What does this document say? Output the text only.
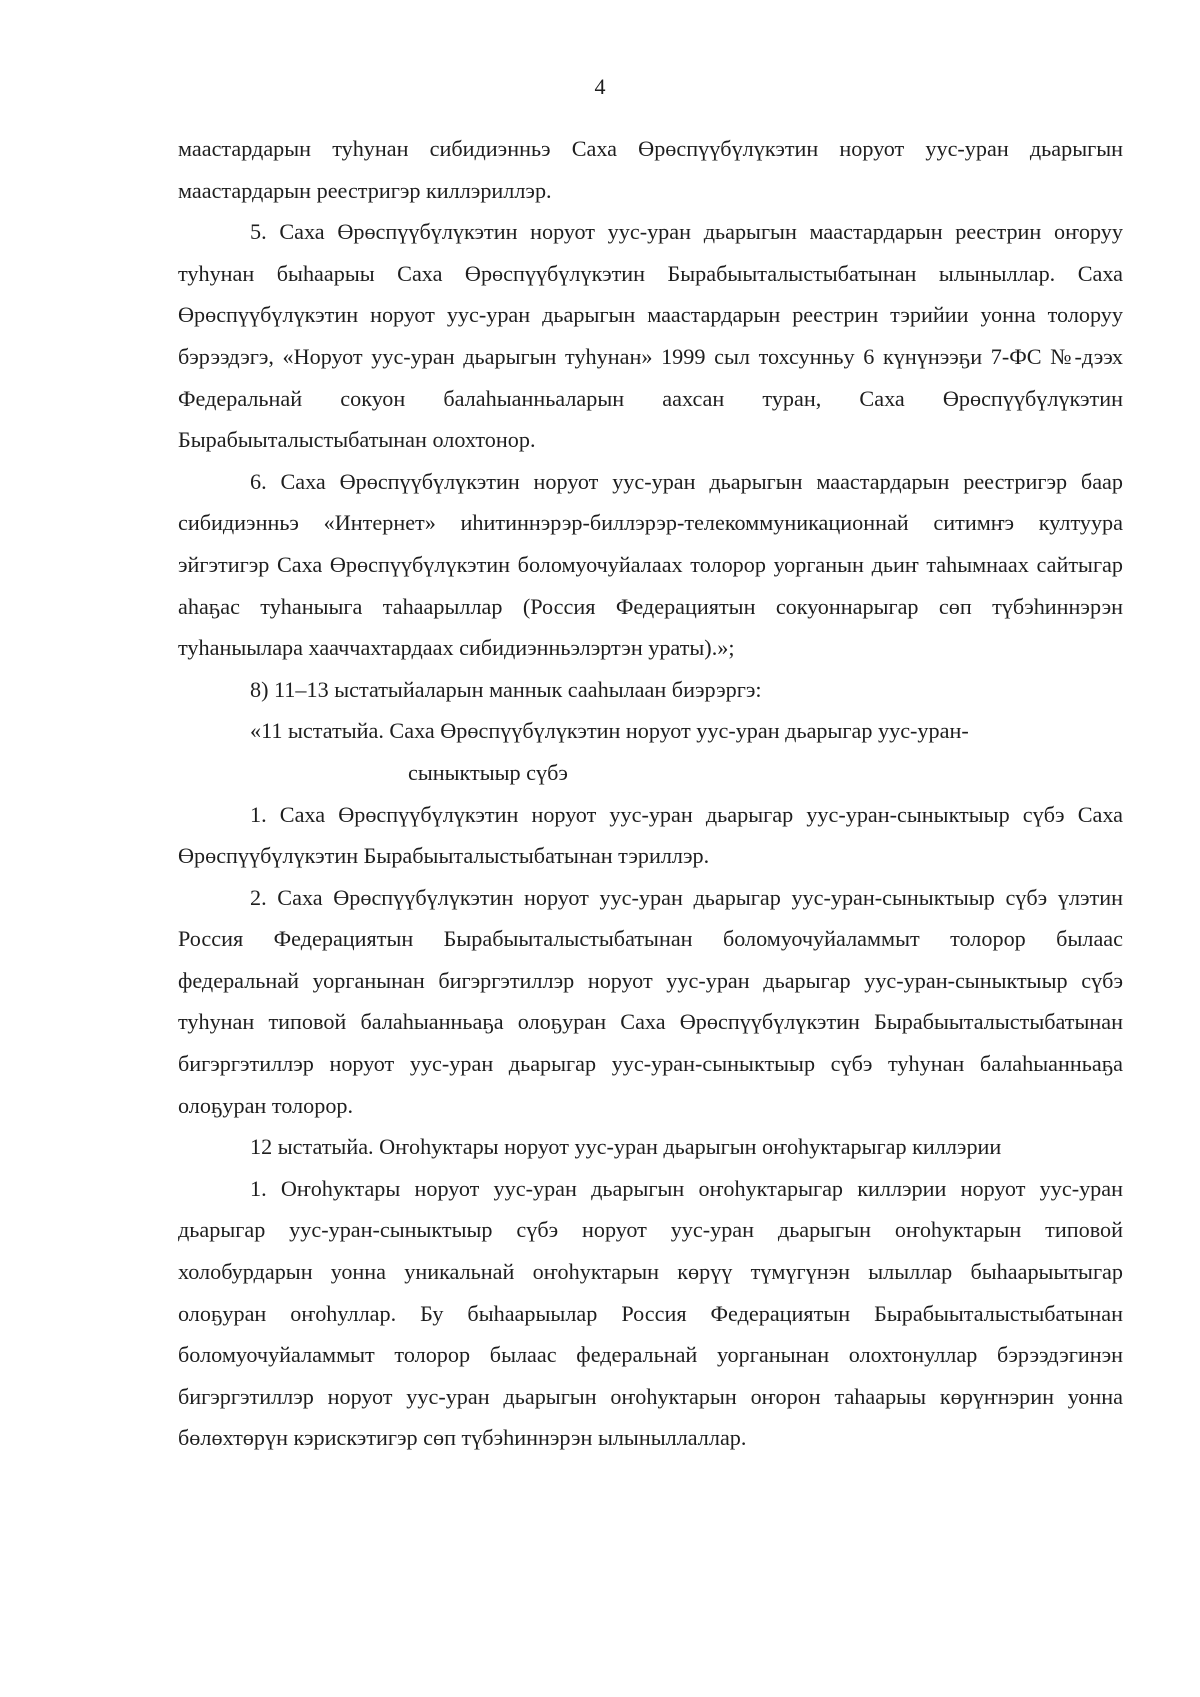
4

маастардарын туһунан сибидиэнньэ Саха Өрөспүүбүлүкэтин норуот уус-уран дьарыгын маастардарын реестригэр киллэриллэр.

5. Саха Өрөспүүбүлүкэтин норуот уус-уран дьарыгын маастардарын реестрин оҥоруу туһунан быһаарыы Саха Өрөспүүбүлүкэтин Бырабыыталыстыбатынан ылыныллар. Саха Өрөспүүбүлүкэтин норуот уус-уран дьарыгын маастардарын реестрин тэрийии уонна толоруу бэрээдэгэ, «Норуот уус-уран дьарыгын туһунан» 1999 сыл тохсунньу 6 күнүнээҕи 7-ФС №-дээх Федеральнай сокуон балаһыанньаларын аахсан туран, Саха Өрөспүүбүлүкэтин Бырабыыталыстыбатынан олохтонор.

6. Саха Өрөспүүбүлүкэтин норуот уус-уран дьарыгын маастардарын реестригэр баар сибидиэнньэ «Интернет» иһитиннэрэр-биллэрэр-телекоммуникационнай ситимҥэ култуура эйгэтигэр Саха Өрөспүүбүлүкэтин боломуочуйалаах толорор уорганын дьиҥ таһымнаах сайтыгар аһаҕас туһаныыга таһаарыллар (Россия Федерациятын сокуоннарыгар сөп түбэһиннэрэн туһаныылара хааччахтардаах сибидиэнньэлэртэн ураты).»;

8) 11–13 ыстатыйаларын маннык сааһылаан биэрэргэ:

«11 ыстатыйа. Саха Өрөспүүбүлүкэтин норуот уус-уран дьарыгар уус-уран-

сыныктыыр сүбэ

1. Саха Өрөспүүбүлүкэтин норуот уус-уран дьарыгар уус-уран-сыныктыыр сүбэ Саха Өрөспүүбүлүкэтин Бырабыыталыстыбатынан тэриллэр.

2. Саха Өрөспүүбүлүкэтин норуот уус-уран дьарыгар уус-уран-сыныктыыр сүбэ үлэтин Россия Федерациятын Бырабыыталыстыбатынан боломуочуйаламмыт толорор былаас федеральнай уорганынан бигэргэтиллэр норуот уус-уран дьарыгар уус-уран-сыныктыыр сүбэ туһунан типовой балаһыанньаҕа олоҕуран Саха Өрөспүүбүлүкэтин Бырабыыталыстыбатынан бигэргэтиллэр норуот уус-уран дьарыгар уус-уран-сыныктыыр сүбэ туһунан балаһыанньаҕа олоҕуран толорор.

12 ыстатыйа. Оҥоһуктары норуот уус-уран дьарыгын оҥоһуктарыгар киллэрии

1. Оҥоһуктары норуот уус-уран дьарыгын оҥоһуктарыгар киллэрии норуот уус-уран дьарыгар уус-уран-сыныктыыр сүбэ норуот уус-уран дьарыгын оҥоһуктарын типовой холобурдарын уонна уникальнай оҥоһуктарын көрүү түмүгүнэн ылыллар быһаарыытыгар олоҕуран оҥоһуллар. Бу быһаарыылар Россия Федерациятын Бырабыыталыстыбатынан боломуочуйаламмыт толорор былаас федеральнай уорганынан олохтонуллар бэрээдэгинэн бигэргэтиллэр норуот уус-уран дьарыгын оҥоһуктарын оҥорон таһаарыы көрүҥнэрин уонна бөлөхтөрүн кэрискэтигэр сөп түбэһиннэрэн ылыныллаллар.
